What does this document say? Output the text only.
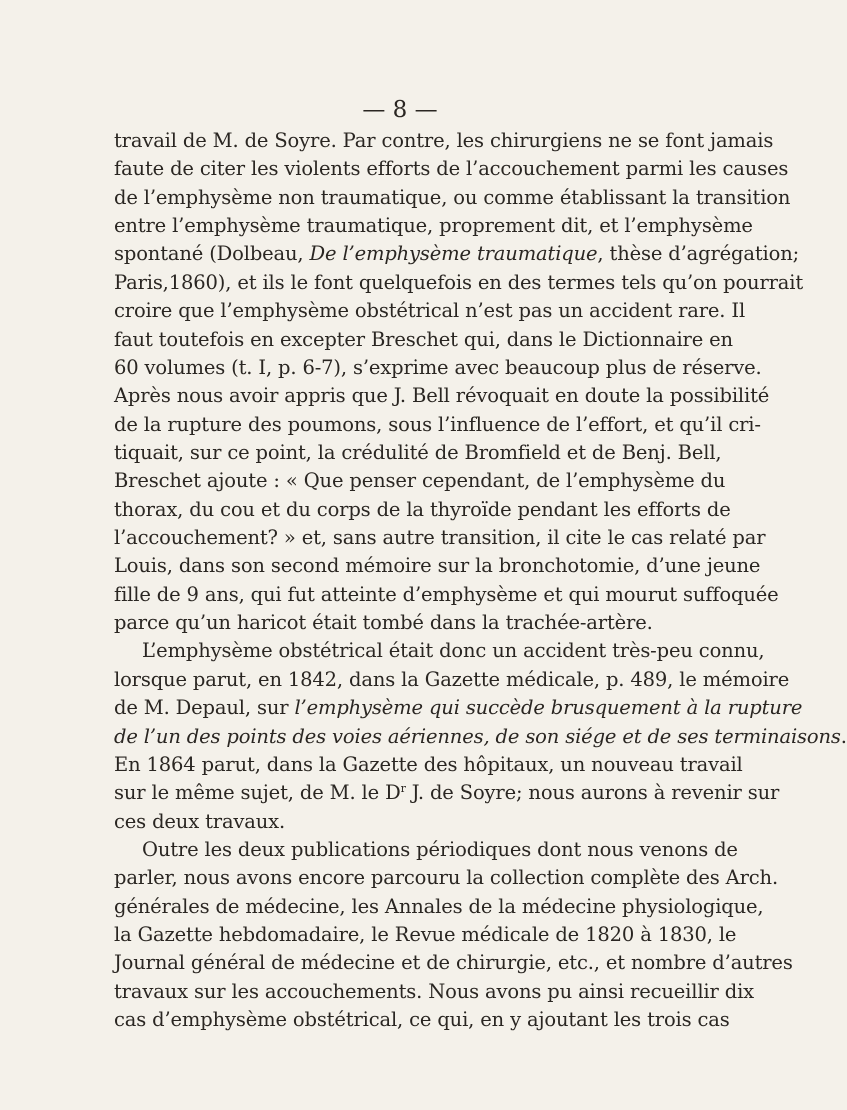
— 8 —
travail de M. de Soyre. Par contre, les chirurgiens ne se font jamais
faute de citer les violents efforts de l’accouchement parmi les causes
de l’emphysème non traumatique, ou comme établissant la transition
entre l’emphysème traumatique, proprement dit, et l’emphysème
spontané (Dolbeau, De l’emphysème traumatique, thèse d’agrégation;
Paris,1860), et ils le font quelquefois en des termes tels qu’on pourrait
croire que l’emphysème obstétrical n’est pas un accident rare. Il
faut toutefois en excepter Breschet qui, dans le Dictionnaire en
60 volumes (t. I, p. 6-7), s’exprime avec beaucoup plus de réserve.
Après nous avoir appris que J. Bell révoquait en doute la possibilité
de la rupture des poumons, sous l’influence de l’effort, et qu’il cri-
tiquait, sur ce point, la crédulité de Bromfield et de Benj. Bell,
Breschet ajoute : « Que penser cependant, de l’emphysème du
thorax, du cou et du corps de la thyroïde pendant les efforts de
l’accouchement? » et, sans autre transition, il cite le cas relaté par
Louis, dans son second mémoire sur la bronchotomie, d’une jeune
fille de 9 ans, qui fut atteinte d’emphysème et qui mourut suffoquée
parce qu’un haricot était tombé dans la trachée-artère.
L’emphysème obstétrical était donc un accident très-peu connu,
lorsque parut, en 1842, dans la Gazette médicale, p. 489, le mémoire
de M. Depaul, sur l’emphysème qui succède brusquement à la rupture
de l’un des points des voies aériennes, de son siége et de ses terminaisons.
En 1864 parut, dans la Gazette des hôpitaux, un nouveau travail
sur le même sujet, de M. le $D^r$ J. de Soyre; nous aurons à revenir sur
ces deux travaux.
Outre les deux publications périodiques dont nous venons de
parler, nous avons encore parcouru la collection complète des Arch.
générales de médecine, les Annales de la médecine physiologique,
la Gazette hebdomadaire, le Revue médicale de 1820 à 1830, le
Journal général de médecine et de chirurgie, etc., et nombre d’autres
travaux sur les accouchements. Nous avons pu ainsi recueillir dix
cas d’emphysème obstétrical, ce qui, en y ajoutant les trois cas
